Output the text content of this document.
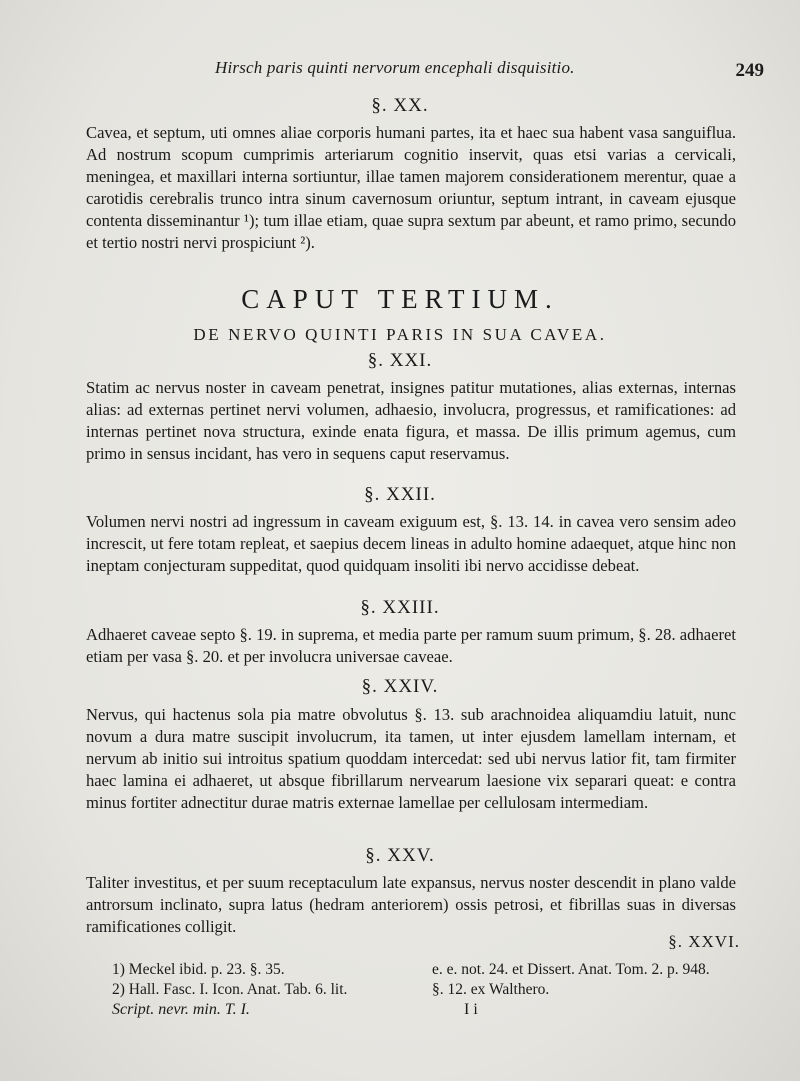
Hirsch paris quinti nervorum encephali disquisitio.	249
§. XX.

Cavea, et septum, uti omnes aliae corporis humani partes, ita et haec sua habent vasa sanguiflua. Ad nostrum scopum cumprimis arteriarum cognitio inservit, quas etsi varias a cervicali, meningea, et maxillari interna sortiuntur, illae tamen majorem considerationem merentur, quae a carotidis cerebralis trunco intra sinum cavernosum oriuntur, septum intrant, in caveam ejusque contenta disseminantur ¹); tum illae etiam, quae supra sextum par abeunt, et ramo primo, secundo et tertio nostri nervi prospiciunt ²).

CAPUT TERTIUM.
DE NERVO QUINTI PARIS IN SUA CAVEA.
§. XXI.

Statim ac nervus noster in caveam penetrat, insignes patitur mutationes, alias externas, internas alias: ad externas pertinet nervi volumen, adhaesio, involucra, progressus, et ramificationes: ad internas pertinet nova structura, exinde enata figura, et massa. De illis primum agemus, cum primo in sensus incidant, has vero in sequens caput reservamus.

§. XXII.

Volumen nervi nostri ad ingressum in caveam exiguum est, §. 13. 14. in cavea vero sensim adeo increscit, ut fere totam repleat, et saepius decem lineas in adulto homine adaequet, atque hinc non ineptam conjecturam suppeditat, quod quidquam insoliti ibi nervo accidisse debeat.

§. XXIII.

Adhaeret caveae septo §. 19. in suprema, et media parte per ramum suum primum, §. 28. adhaeret etiam per vasa §. 20. et per involucra universae caveae.

§. XXIV.

Nervus, qui hactenus sola pia matre obvolutus §. 13. sub arachnoidea aliquamdiu latuit, nunc novum a dura matre suscipit involucrum, ita tamen, ut inter ejusdem lamellam internam, et nervum ab initio sui introitus spatium quoddam intercedat: sed ubi nervus latior fit, tam firmiter haec lamina ei adhaeret, ut absque fibrillarum nervearum laesione vix separari queat: e contra minus fortiter adnectitur durae matris externae lamellae per cellulosam intermediam.

§. XXV.

Taliter investitus, et per suum receptaculum late expansus, nervus noster descendit in plano valde antrorsum inclinato, supra latus (hedram anteriorem) ossis petrosi, et fibrillas suas in diversas ramificationes colligit.

§. XXVI.
1) Meckel ibid. p. 23. §. 35.	e. e. not. 24. et Dissert. Anat. Tom. 2. p. 948.
2) Hall. Fasc. I. Icon. Anat. Tab. 6. lit.	§. 12. ex Walthero.
Script. nevr. min. T. I.	I i
